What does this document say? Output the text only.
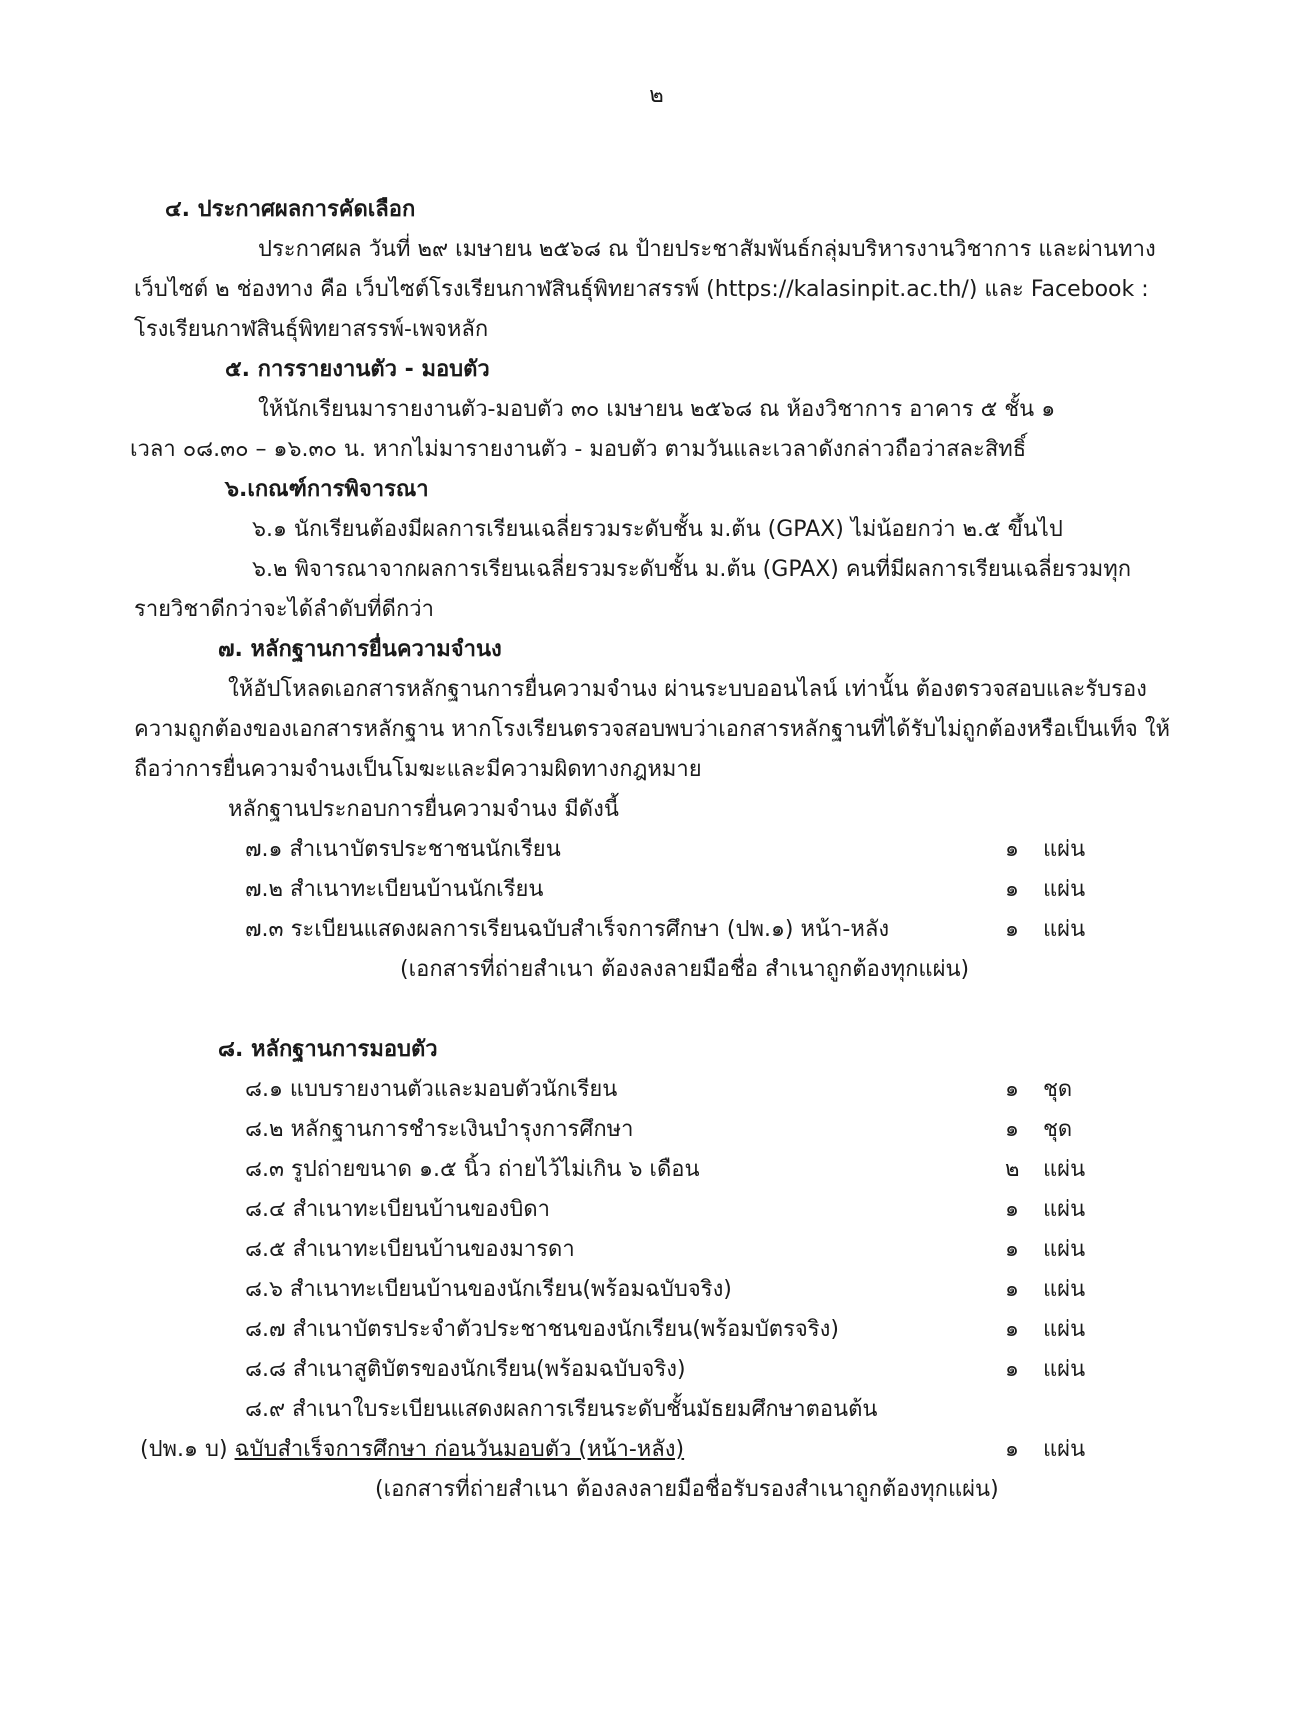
๒
๔. ประกาศผลการคัดเลือก
ประกาศผล วันที่ ๒๙ เมษายน ๒๕๖๘ ณ ป้ายประชาสัมพันธ์กลุ่มบริหารงานวิชาการ และผ่านทาง
เว็บไซต์ ๒ ช่องทาง คือ เว็บไซต์โรงเรียนกาฬสินธุ์พิทยาสรรพ์ (https://kalasinpit.ac.th/) และ Facebook :
โรงเรียนกาฬสินธุ์พิทยาสรรพ์-เพจหลัก
๕. การรายงานตัว - มอบตัว
ให้นักเรียนมารายงานตัว-มอบตัว ๓๐ เมษายน ๒๕๖๘ ณ ห้องวิชาการ อาคาร ๕ ชั้น ๑
เวลา ๐๘.๓๐ – ๑๖.๓๐ น. หากไม่มารายงานตัว - มอบตัว ตามวันและเวลาดังกล่าวถือว่าสละสิทธิ์
๖.เกณฑ์การพิจารณา
๖.๑ นักเรียนต้องมีผลการเรียนเฉลี่ยรวมระดับชั้น ม.ต้น (GPAX) ไม่น้อยกว่า ๒.๕ ขึ้นไป
๖.๒ พิจารณาจากผลการเรียนเฉลี่ยรวมระดับชั้น ม.ต้น (GPAX) คนที่มีผลการเรียนเฉลี่ยรวมทุก
รายวิชาดีกว่าจะได้ลำดับที่ดีกว่า
๗. หลักฐานการยื่นความจำนง
ให้อัปโหลดเอกสารหลักฐานการยื่นความจำนง ผ่านระบบออนไลน์ เท่านั้น ต้องตรวจสอบและรับรอง
ความถูกต้องของเอกสารหลักฐาน หากโรงเรียนตรวจสอบพบว่าเอกสารหลักฐานที่ได้รับไม่ถูกต้องหรือเป็นเท็จ ให้
ถือว่าการยื่นความจำนงเป็นโมฆะและมีความผิดทางกฎหมาย
หลักฐานประกอบการยื่นความจำนง มีดังนี้
๗.๑ สำเนาบัตรประชาชนนักเรียน	๑ แผ่น
๗.๒ สำเนาทะเบียนบ้านนักเรียน	๑ แผ่น
๗.๓ ระเบียนแสดงผลการเรียนฉบับสำเร็จการศึกษา (ปพ.๑) หน้า-หลัง	๑ แผ่น
(เอกสารที่ถ่ายสำเนา ต้องลงลายมือชื่อ สำเนาถูกต้องทุกแผ่น)
๘. หลักฐานการมอบตัว
๘.๑ แบบรายงานตัวและมอบตัวนักเรียน	๑ ชุด
๘.๒ หลักฐานการชำระเงินบำรุงการศึกษา	๑ ชุด
๘.๓ รูปถ่ายขนาด ๑.๕ นิ้ว ถ่ายไว้ไม่เกิน ๖ เดือน	๒ แผ่น
๘.๔ สำเนาทะเบียนบ้านของบิดา	๑ แผ่น
๘.๕ สำเนาทะเบียนบ้านของมารดา	๑ แผ่น
๘.๖ สำเนาทะเบียนบ้านของนักเรียน(พร้อมฉบับจริง)	๑ แผ่น
๘.๗ สำเนาบัตรประจำตัวประชาชนของนักเรียน(พร้อมบัตรจริง)	๑ แผ่น
๘.๘ สำเนาสูติบัตรของนักเรียน(พร้อมฉบับจริง)	๑ แผ่น
๘.๙ สำเนาใบระเบียนแสดงผลการเรียนระดับชั้นมัธยมศึกษาตอนต้น
(ปพ.๑ บ) ฉบับสำเร็จการศึกษา ก่อนวันมอบตัว (หน้า-หลัง)	๑ แผ่น
(เอกสารที่ถ่ายสำเนา ต้องลงลายมือชื่อรับรองสำเนาถูกต้องทุกแผ่น)
